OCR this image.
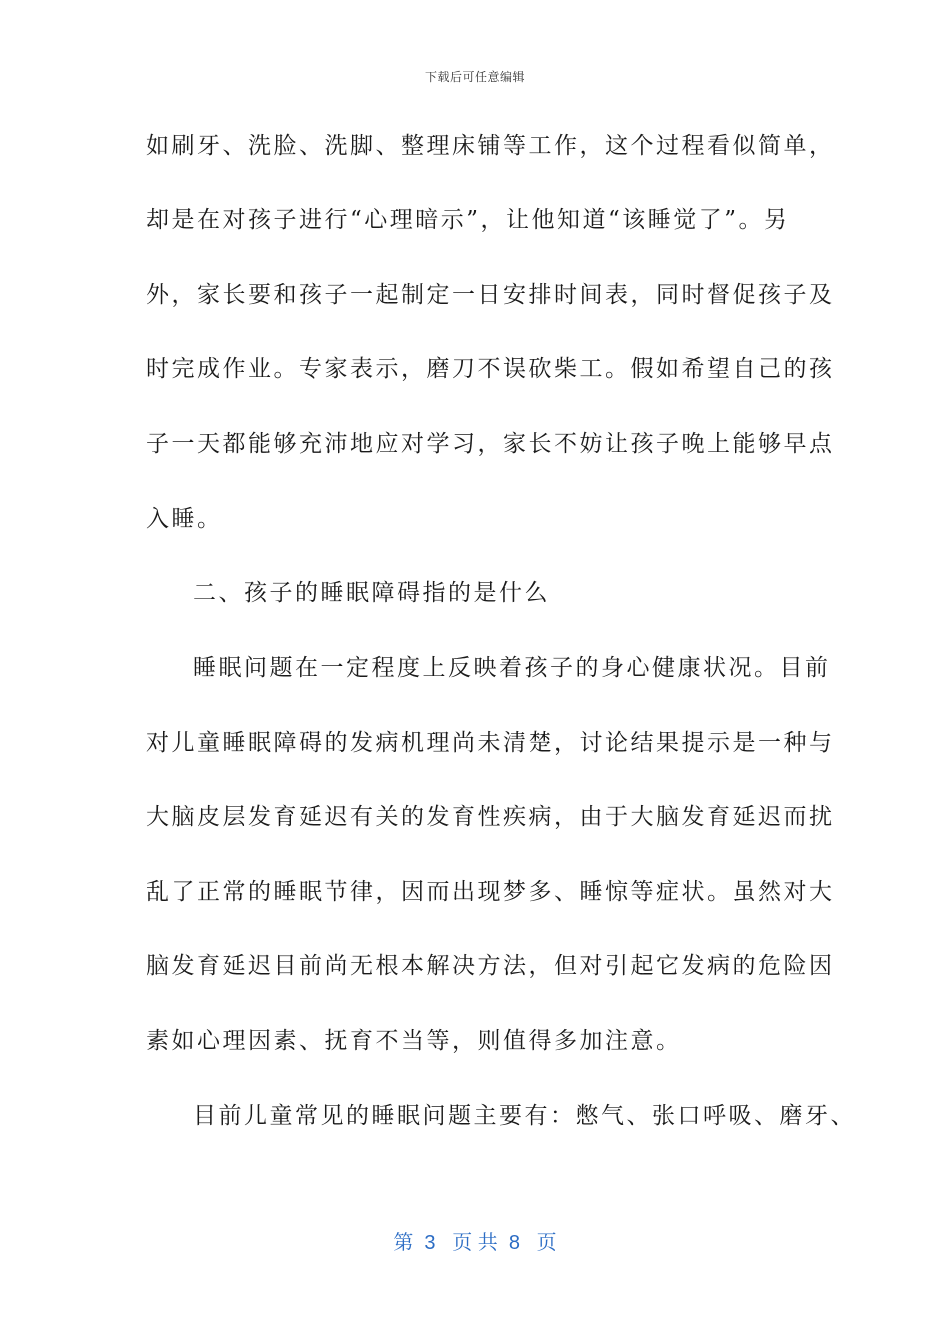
下载后可任意编辑
如刷牙、洗脸、洗脚、整理床铺等工作，这个过程看似简单，
却是在对孩子进行“心理暗示”，让他知道“该睡觉了”。另
外，家长要和孩子一起制定一日安排时间表，同时督促孩子及
时完成作业。专家表示，磨刀不误砍柴工。假如希望自己的孩
子一天都能够充沛地应对学习，家长不妨让孩子晚上能够早点
入睡。
二、孩子的睡眠障碍指的是什么
睡眠问题在一定程度上反映着孩子的身心健康状况。目前
对儿童睡眠障碍的发病机理尚未清楚，讨论结果提示是一种与
大脑皮层发育延迟有关的发育性疾病，由于大脑发育延迟而扰
乱了正常的睡眠节律，因而出现梦多、睡惊等症状。虽然对大
脑发育延迟目前尚无根本解决方法，但对引起它发病的危险因
素如心理因素、抚育不当等，则值得多加注意。
目前儿童常见的睡眠问题主要有：憋气、张口呼吸、磨牙、
第  3   页 共  8   页
